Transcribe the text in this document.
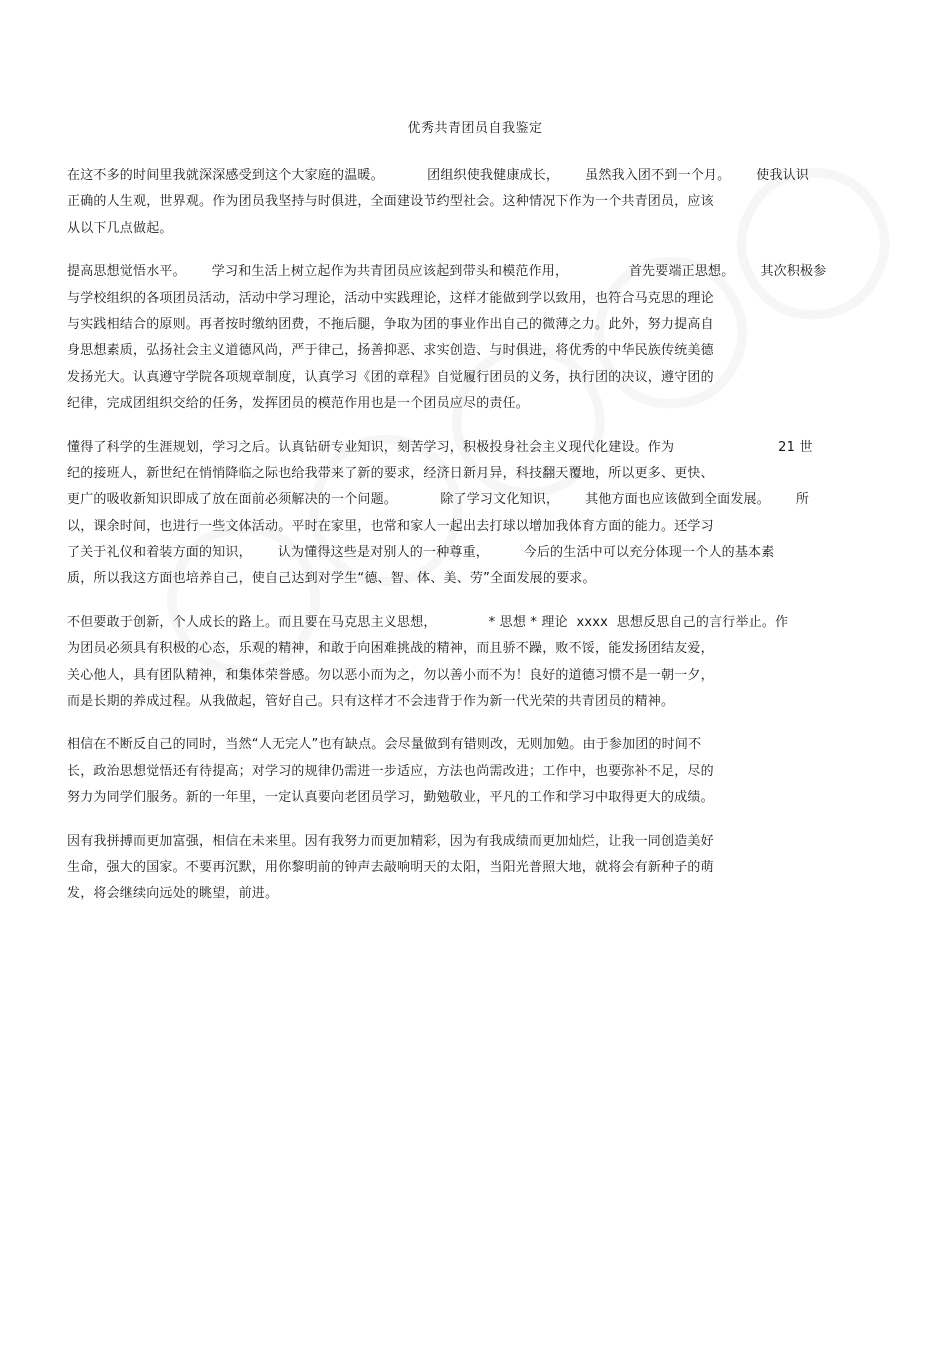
优秀共青团员自我鉴定
在这不多的时间里我就深深感受到这个大家庭的温暖。          团组织使我健康成长，      虽然我入团不到一个月。      使我认识
正确的人生观，世界观。作为团员我坚持与时俱进，全面建设节约型社会。这种情况下作为一个共青团员，应该
从以下几点做起。
提高思想觉悟水平。      学习和生活上树立起作为共青团员应该起到带头和模范作用，              首先要端正思想。      其次积极参
与学校组织的各项团员活动，活动中学习理论，活动中实践理论，这样才能做到学以致用，也符合马克思的理论
与实践相结合的原则。再者按时缴纳团费，不拖后腿，争取为团的事业作出自己的微薄之力。此外，努力提高自
身思想素质，弘扬社会主义道德风尚，严于律己，扬善抑恶、求实创造、与时俱进，将优秀的中华民族传统美德
发扬光大。认真遵守学院各项规章制度，认真学习《团的章程》自觉履行团员的义务，执行团的决议，遵守团的
纪律，完成团组织交给的任务，发挥团员的模范作用也是一个团员应尽的责任。
懂得了科学的生涯规划，学习之后。认真钻研专业知识，刻苦学习，积极投身社会主义现代化建设。作为                        21 世
纪的接班人，新世纪在悄悄降临之际也给我带来了新的要求，经济日新月异，科技翻天覆地，所以更多、更快、
更广的吸收新知识即成了放在面前必须解决的一个问题。          除了学习文化知识，      其他方面也应该做到全面发展。      所
以，课余时间，也进行一些文体活动。平时在家里，也常和家人一起出去打球以增加我体育方面的能力。还学习
了关于礼仪和着装方面的知识，      认为懂得这些是对别人的一种尊重，        今后的生活中可以充分体现一个人的基本素
质，所以我这方面也培养自己，使自己达到对学生“德、智、体、美、劳”全面发展的要求。
不但要敢于创新，个人成长的路上。而且要在马克思主义思想，            * 思想 * 理论  xxxx  思想反思自己的言行举止。作
为团员必须具有积极的心态，乐观的精神，和敢于向困难挑战的精神，而且骄不躁，败不馁，能发扬团结友爱，
关心他人，具有团队精神，和集体荣誉感。勿以恶小而为之，勿以善小而不为！良好的道德习惯不是一朝一夕，
而是长期的养成过程。从我做起，管好自己。只有这样才不会违背于作为新一代光荣的共青团员的精神。
相信在不断反自己的同时，当然“人无完人”也有缺点。会尽量做到有错则改，无则加勉。由于参加团的时间不
长，政治思想觉悟还有待提高；对学习的规律仍需进一步适应，方法也尚需改进；工作中，也要弥补不足，尽的
努力为同学们服务。新的一年里，一定认真要向老团员学习，勤勉敬业，平凡的工作和学习中取得更大的成绩。
因有我拼搏而更加富强，相信在未来里。因有我努力而更加精彩，因为有我成绩而更加灿烂，让我一同创造美好
生命，强大的国家。不要再沉默，用你黎明前的钟声去敲响明天的太阳，当阳光普照大地，就将会有新种子的萌
发，将会继续向远处的眺望，前进。
